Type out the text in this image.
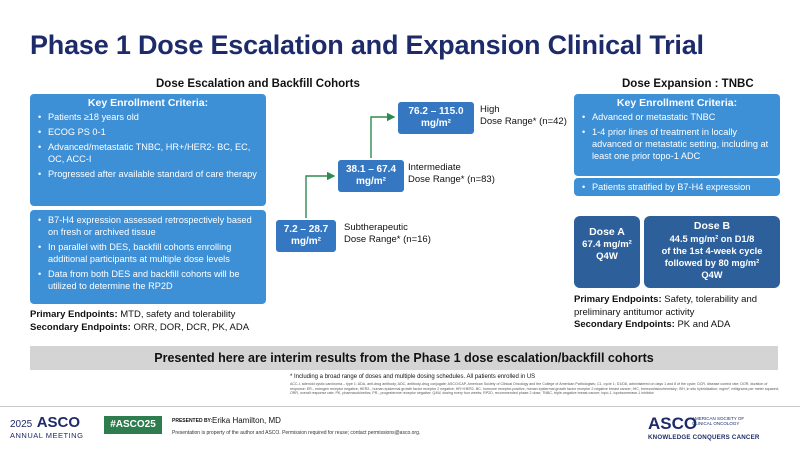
Phase 1 Dose Escalation and Expansion Clinical Trial
Dose Escalation and Backfill Cohorts	Dose Expansion : TNBC
Key Enrollment Criteria:
• Patients ≥18 years old
• ECOG PS 0-1
• Advanced/metastatic TNBC, HR+/HER2- BC, EC, OC, ACC-I
• Progressed after available standard of care therapy
• B7-H4 expression assessed retrospectively based on fresh or archived tissue
• In parallel with DES, backfill cohorts enrolling additional participants at multiple dose levels
• Data from both DES and backfill cohorts will be utilized to determine the RP2D
Primary Endpoints: MTD, safety and tolerability
Secondary Endpoints: ORR, DOR, DCR, PK, ADA
7.2 – 28.7
mg/m²
Subtherapeutic
Dose Range* (n=16)
38.1 – 67.4
mg/m²
Intermediate
Dose Range* (n=83)
76.2 – 115.0
mg/m²
High
Dose Range* (n=42)
Key Enrollment Criteria:
• Advanced or metastatic TNBC
• 1-4 prior lines of treatment in locally advanced or metastatic setting, including at least one prior topo-1 ADC
• Patients stratified by B7-H4 expression
Dose A
67.4 mg/m²
Q4W
Dose B
44.5 mg/m² on D1/8
of the 1st 4-week cycle
followed by 80 mg/m²
Q4W
Primary Endpoints: Safety, tolerability and preliminary antitumor activity
Secondary Endpoints: PK and ADA
Presented here are interim results from the Phase 1 dose escalation/backfill cohorts
* Including a broad range of doses and multiple dosing schedules. All patients enrolled in US
ACC-I, adenoid cystic carcinoma – type 1; ADA, anti-drug antibody; ADC, antibody-drug conjugate; ASCO/CAP, American Society of Clinical Oncology and the College of American Pathologists; C1, cycle 1; D1/D8, administered on days 1 and 8 of the cycle; DCR, disease control rate; DOR, duration of response; ER-, estrogen receptor negative; HER2-, human epidermal growth factor receptor 2 negative; HR+/HER2- BC, hormone receptor-positive, human epidermal growth factor receptor 2 negative breast cancer; IHC, immunohistochemistry; ISH, in situ hybridization; mg/m², milligrams per meter squared; ORR, overall response rate; PK, pharmacokinetics; PR-, progesterone receptor negative; Q4W, dosing every four weeks; RP2D, recommended phase 2 dose; TNBC, triple-negative breast cancer; topo-1, topoisomerase-1 inhibitor
2025 ASCO
ANNUAL MEETING
#ASCO25	PRESENTED BY: Erika Hamilton, MD
Presentation is property of the author and ASCO. Permission required for reuse; contact permissions@asco.org.	ASCO
AMERICAN SOCIETY OF CLINICAL ONCOLOGY
KNOWLEDGE CONQUERS CANCER
